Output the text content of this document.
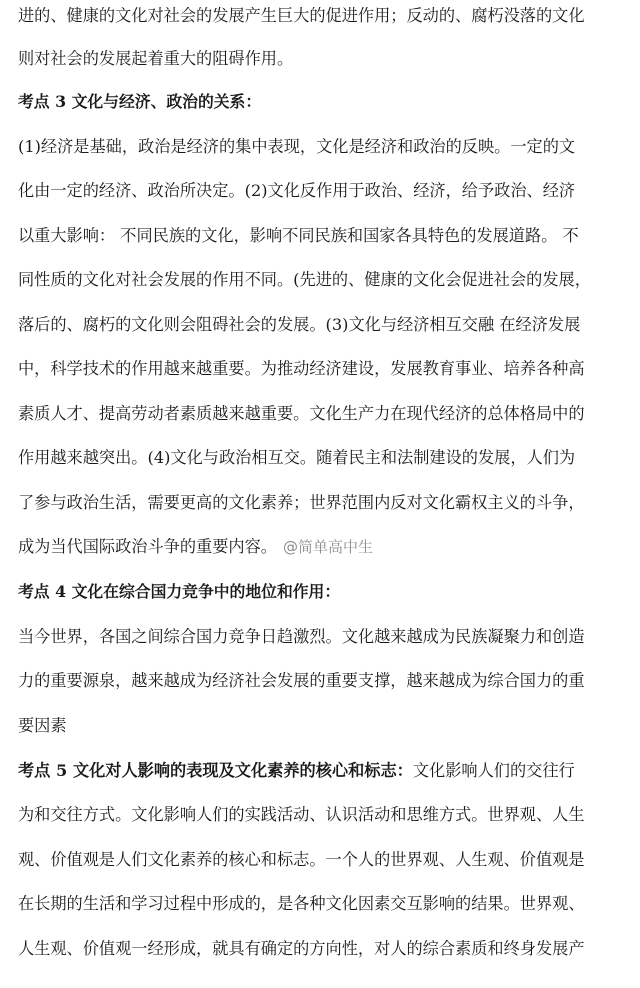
进的、健康的文化对社会的发展产生巨大的促进作用；反动的、腐朽没落的文化
则对社会的发展起着重大的阻碍作用。
考点 3 文化与经济、政治的关系：
(1)经济是基础，政治是经济的集中表现，文化是经济和政治的反映。一定的文
化由一定的经济、政治所决定。(2)文化反作用于政治、经济，给予政治、经济
以重大影响： 不同民族的文化，影响不同民族和国家各具特色的发展道路。 不
同性质的文化对社会发展的作用不同。(先进的、健康的文化会促进社会的发展，
落后的、腐朽的文化则会阻碍社会的发展。(3)文化与经济相互交融 在经济发展
中，科学技术的作用越来越重要。为推动经济建设，发展教育事业、培养各种高
素质人才、提高劳动者素质越来越重要。文化生产力在现代经济的总体格局中的
作用越来越突出。(4)文化与政治相互交。随着民主和法制建设的发展，人们为
了参与政治生活，需要更高的文化素养；世界范围内反对文化霸权主义的斗争，
成为当代国际政治斗争的重要内容。 @简单高中生
考点 4 文化在综合国力竞争中的地位和作用：
当今世界，各国之间综合国力竞争日趋激烈。文化越来越成为民族凝聚力和创造
力的重要源泉，越来越成为经济社会发展的重要支撑，越来越成为综合国力的重
要因素
考点 5 文化对人影响的表现及文化素养的核心和标志：文化影响人们的交往行
为和交往方式。文化影响人们的实践活动、认识活动和思维方式。世界观、人生
观、价值观是人们文化素养的核心和标志。一个人的世界观、人生观、价值观是
在长期的生活和学习过程中形成的，是各种文化因素交互影响的结果。世界观、
人生观、价值观一经形成，就具有确定的方向性，对人的综合素质和终身发展产
